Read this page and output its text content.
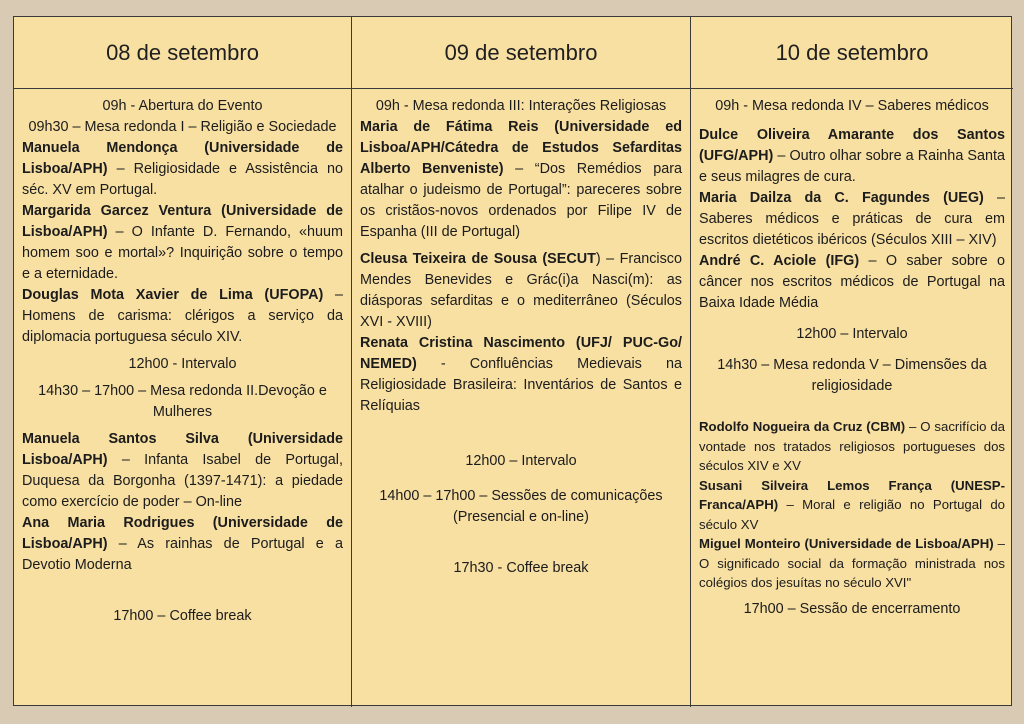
08 de setembro	09 de setembro	10 de setembro

09h - Abertura do Evento

09h30 – Mesa redonda I – Religião e Sociedade

Manuela Mendonça (Universidade de Lisboa/APH) – Religiosidade e Assistência no séc. XV em Portugal.

Margarida Garcez Ventura (Universidade de Lisboa/APH) – O Infante D. Fernando, «huum homem soo e mortal»? Inquirição sobre o tempo e a eternidade.

Douglas Mota Xavier de Lima (UFOPA) – Homens de carisma: clérigos a serviço da diplomacia portuguesa século XIV.

12h00 - Intervalo

14h30 – 17h00 – Mesa redonda II.Devoção e Mulheres

Manuela Santos Silva (Universidade Lisboa/APH) – Infanta Isabel de Portugal, Duquesa da Borgonha (1397-1471): a piedade como exercício de poder – On-line

Ana Maria Rodrigues (Universidade de Lisboa/APH) – As rainhas de Portugal e a Devotio Moderna

17h00 – Coffee break

09h - Mesa redonda III: Interações Religiosas

Maria de Fátima Reis (Universidade ed Lisboa/APH/Cátedra de Estudos Sefarditas Alberto Benveniste) – “Dos Remédios para atalhar o judeismo de Portugal”: pareceres sobre os cristãos-novos ordenados por Filipe IV de Espanha (III de Portugal)

Cleusa Teixeira de Sousa (SECUT) – Francisco Mendes Benevides e Grác(i)a Nasci(m): as diásporas sefarditas e o mediterrâneo (Séculos XVI - XVIII)

Renata Cristina Nascimento (UFJ/ PUC-Go/ NEMED) - Confluências Medievais na Religiosidade Brasileira: Inventários de Santos e Relíquias

12h00 – Intervalo

14h00 – 17h00 – Sessões de comunicações (Presencial e on-line)

17h30 - Coffee break

09h - Mesa redonda IV – Saberes médicos

Dulce Oliveira Amarante dos Santos (UFG/APH) – Outro olhar sobre a Rainha Santa e seus milagres de cura.

Maria Dailza da C. Fagundes (UEG) – Saberes médicos e práticas de cura em escritos dietéticos ibéricos (Séculos XIII – XIV)

André C. Aciole (IFG) – O saber sobre o câncer nos escritos médicos de Portugal na Baixa Idade Média

12h00 – Intervalo

14h30 – Mesa redonda V – Dimensões da religiosidade

Rodolfo Nogueira da Cruz (CBM) – O sacrifício da vontade nos tratados religiosos portugueses dos séculos XIV e XV

Susani Silveira Lemos França (UNESP-Franca/APH) – Moral e religião no Portugal do século XV

Miguel Monteiro (Universidade de Lisboa/APH) – O significado social da formação ministrada nos colégios dos jesuítas no século XVI"

17h00 – Sessão de encerramento
